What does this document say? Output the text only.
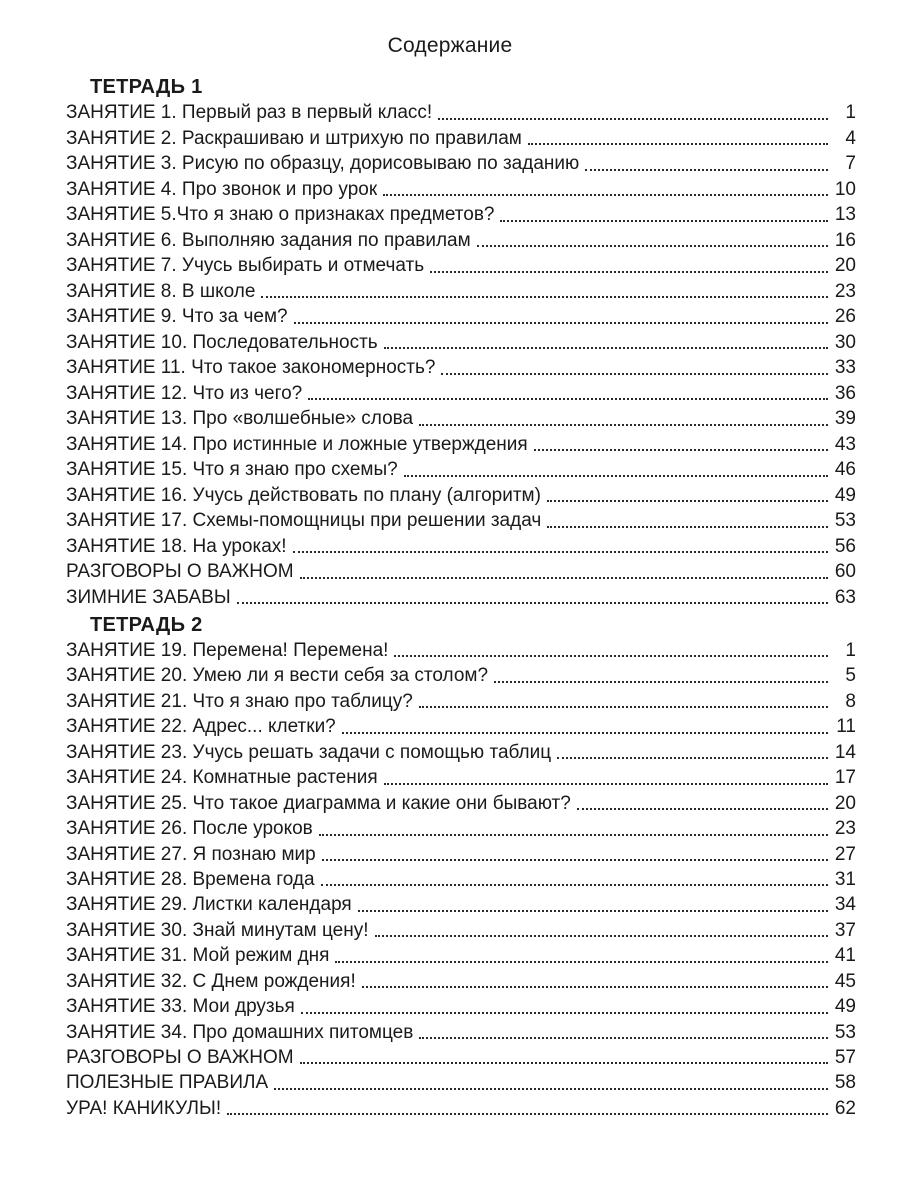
Содержание
ТЕТРАДЬ 1
ЗАНЯТИЕ 1. Первый раз в первый класс!	1
ЗАНЯТИЕ 2. Раскрашиваю и штрихую по правилам	4
ЗАНЯТИЕ 3. Рисую по образцу, дорисовываю по заданию	7
ЗАНЯТИЕ 4. Про звонок и про урок	10
ЗАНЯТИЕ 5.Что я знаю о признаках предметов?	13
ЗАНЯТИЕ 6. Выполняю задания по правилам	16
ЗАНЯТИЕ 7. Учусь выбирать и отмечать	20
ЗАНЯТИЕ 8. В школе	23
ЗАНЯТИЕ 9. Что за чем?	26
ЗАНЯТИЕ 10. Последовательность	30
ЗАНЯТИЕ 11. Что такое закономерность?	33
ЗАНЯТИЕ 12. Что из чего?	36
ЗАНЯТИЕ 13. Про «волшебные» слова	39
ЗАНЯТИЕ 14. Про истинные и ложные утверждения	43
ЗАНЯТИЕ 15. Что я знаю про схемы?	46
ЗАНЯТИЕ 16. Учусь действовать по плану (алгоритм)	49
ЗАНЯТИЕ 17. Схемы-помощницы при решении задач	53
ЗАНЯТИЕ 18. На уроках!	56
РАЗГОВОРЫ О ВАЖНОМ	60
ЗИМНИЕ ЗАБАВЫ	63
ТЕТРАДЬ 2
ЗАНЯТИЕ 19. Перемена! Перемена!	1
ЗАНЯТИЕ 20. Умею ли я вести себя за столом?	5
ЗАНЯТИЕ 21. Что я знаю про таблицу?	8
ЗАНЯТИЕ 22. Адрес... клетки?	11
ЗАНЯТИЕ 23. Учусь решать задачи с помощью таблиц	14
ЗАНЯТИЕ 24. Комнатные растения	17
ЗАНЯТИЕ 25. Что такое диаграмма и какие они бывают?	20
ЗАНЯТИЕ 26. После уроков	23
ЗАНЯТИЕ 27. Я познаю мир	27
ЗАНЯТИЕ 28. Времена года	31
ЗАНЯТИЕ 29. Листки календаря	34
ЗАНЯТИЕ 30. Знай минутам цену!	37
ЗАНЯТИЕ 31. Мой режим дня	41
ЗАНЯТИЕ 32. С Днем рождения!	45
ЗАНЯТИЕ 33. Мои друзья	49
ЗАНЯТИЕ 34. Про домашних питомцев	53
РАЗГОВОРЫ О ВАЖНОМ	57
ПОЛЕЗНЫЕ ПРАВИЛА	58
УРА! КАНИКУЛЫ!	62
